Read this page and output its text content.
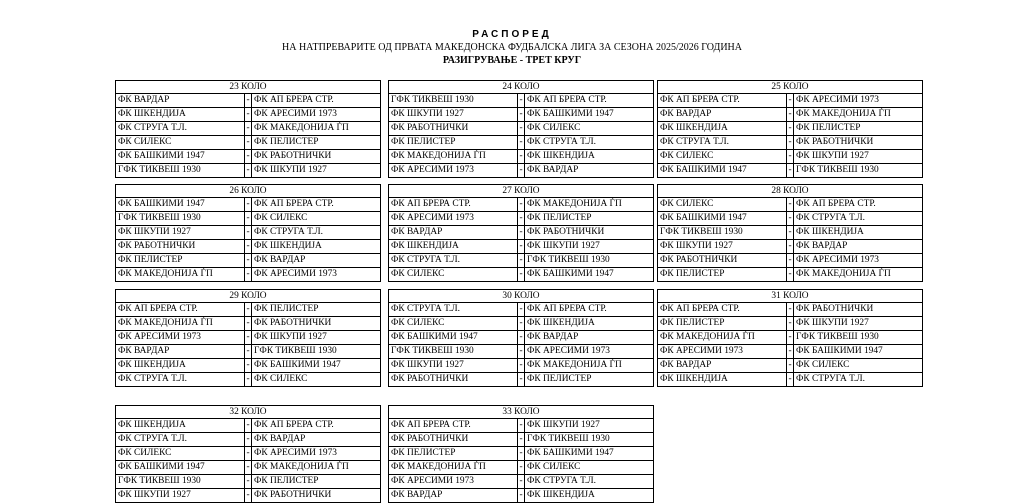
РАСПОРЕД
НА НАТПРЕВАРИТЕ ОД ПРВАТА МАКЕДОНСКА ФУДБАЛСКА ЛИГА ЗА СЕЗОНА 2025/2026 ГОДИНА
РАЗИГРУВАЊЕ - ТРЕТ КРУГ
23 КОЛО
ФК ВАРДАР	- ФК АП БРЕРА СТР.
ФК ШКЕНДИЈА	- ФК АРЕСИМИ 1973
ФК СТРУГА Т.Л.	- ФК МАКЕДОНИЈА ЃП
ФК СИЛЕКС	- ФК ПЕЛИСТЕР
ФК БАШКИМИ 1947	- ФК РАБОТНИЧКИ
ГФК ТИКВЕШ 1930	- ФК ШКУПИ 1927
24 КОЛО
ГФК ТИКВЕШ 1930	- ФК АП БРЕРА СТР.
ФК ШКУПИ 1927	- ФК БАШКИМИ 1947
ФК РАБОТНИЧКИ	- ФК СИЛЕКС
ФК ПЕЛИСТЕР	- ФК СТРУГА Т.Л.
ФК МАКЕДОНИЈА ЃП	- ФК ШКЕНДИЈА
ФК АРЕСИМИ 1973	- ФК ВАРДАР
25 КОЛО
ФК АП БРЕРА СТР.	- ФК АРЕСИМИ 1973
ФК ВАРДАР	- ФК МАКЕДОНИЈА ЃП
ФК ШКЕНДИЈА	- ФК ПЕЛИСТЕР
ФК СТРУГА Т.Л.	- ФК РАБОТНИЧКИ
ФК СИЛЕКС	- ФК ШКУПИ 1927
ФК БАШКИМИ 1947	- ГФК ТИКВЕШ 1930
26 КОЛО
ФК БАШКИМИ 1947	- ФК АП БРЕРА СТР.
ГФК ТИКВЕШ 1930	- ФК СИЛЕКС
ФК ШКУПИ 1927	- ФК СТРУГА Т.Л.
ФК РАБОТНИЧКИ	- ФК ШКЕНДИЈА
ФК ПЕЛИСТЕР	- ФК ВАРДАР
ФК МАКЕДОНИЈА ЃП	- ФК АРЕСИМИ 1973
27 КОЛО
ФК АП БРЕРА СТР.	- ФК МАКЕДОНИЈА ЃП
ФК АРЕСИМИ 1973	- ФК ПЕЛИСТЕР
ФК ВАРДАР	- ФК РАБОТНИЧКИ
ФК ШКЕНДИЈА	- ФК ШКУПИ 1927
ФК СТРУГА Т.Л.	- ГФК ТИКВЕШ 1930
ФК СИЛЕКС	- ФК БАШКИМИ 1947
28 КОЛО
ФК СИЛЕКС	- ФК АП БРЕРА СТР.
ФК БАШКИМИ 1947	- ФК СТРУГА Т.Л.
ГФК ТИКВЕШ 1930	- ФК ШКЕНДИЈА
ФК ШКУПИ 1927	- ФК ВАРДАР
ФК РАБОТНИЧКИ	- ФК АРЕСИМИ 1973
ФК ПЕЛИСТЕР	- ФК МАКЕДОНИЈА ЃП
29 КОЛО
ФК АП БРЕРА СТР.	- ФК ПЕЛИСТЕР
ФК МАКЕДОНИЈА ЃП	- ФК РАБОТНИЧКИ
ФК АРЕСИМИ 1973	- ФК ШКУПИ 1927
ФК ВАРДАР	- ГФК ТИКВЕШ 1930
ФК ШКЕНДИЈА	- ФК БАШКИМИ 1947
ФК СТРУГА Т.Л.	- ФК СИЛЕКС
30 КОЛО
ФК СТРУГА Т.Л.	- ФК АП БРЕРА СТР.
ФК СИЛЕКС	- ФК ШКЕНДИЈА
ФК БАШКИМИ 1947	- ФК ВАРДАР
ГФК ТИКВЕШ 1930	- ФК АРЕСИМИ 1973
ФК ШКУПИ 1927	- ФК МАКЕДОНИЈА ЃП
ФК РАБОТНИЧКИ	- ФК ПЕЛИСТЕР
31 КОЛО
ФК АП БРЕРА СТР.	- ФК РАБОТНИЧКИ
ФК ПЕЛИСТЕР	- ФК ШКУПИ 1927
ФК МАКЕДОНИЈА ЃП	- ГФК ТИКВЕШ 1930
ФК АРЕСИМИ 1973	- ФК БАШКИМИ 1947
ФК ВАРДАР	- ФК СИЛЕКС
ФК ШКЕНДИЈА	- ФК СТРУГА Т.Л.
32 КОЛО
ФК ШКЕНДИЈА	- ФК АП БРЕРА СТР.
ФК СТРУГА Т.Л.	- ФК ВАРДАР
ФК СИЛЕКС	- ФК АРЕСИМИ 1973
ФК БАШКИМИ 1947	- ФК МАКЕДОНИЈА ЃП
ГФК ТИКВЕШ 1930	- ФК ПЕЛИСТЕР
ФК ШКУПИ 1927	- ФК РАБОТНИЧКИ
33 КОЛО
ФК АП БРЕРА СТР.	- ФК ШКУПИ 1927
ФК РАБОТНИЧКИ	- ГФК ТИКВЕШ 1930
ФК ПЕЛИСТЕР	- ФК БАШКИМИ 1947
ФК МАКЕДОНИЈА ЃП	- ФК СИЛЕКС
ФК АРЕСИМИ 1973	- ФК СТРУГА Т.Л.
ФК ВАРДАР	- ФК ШКЕНДИЈА
